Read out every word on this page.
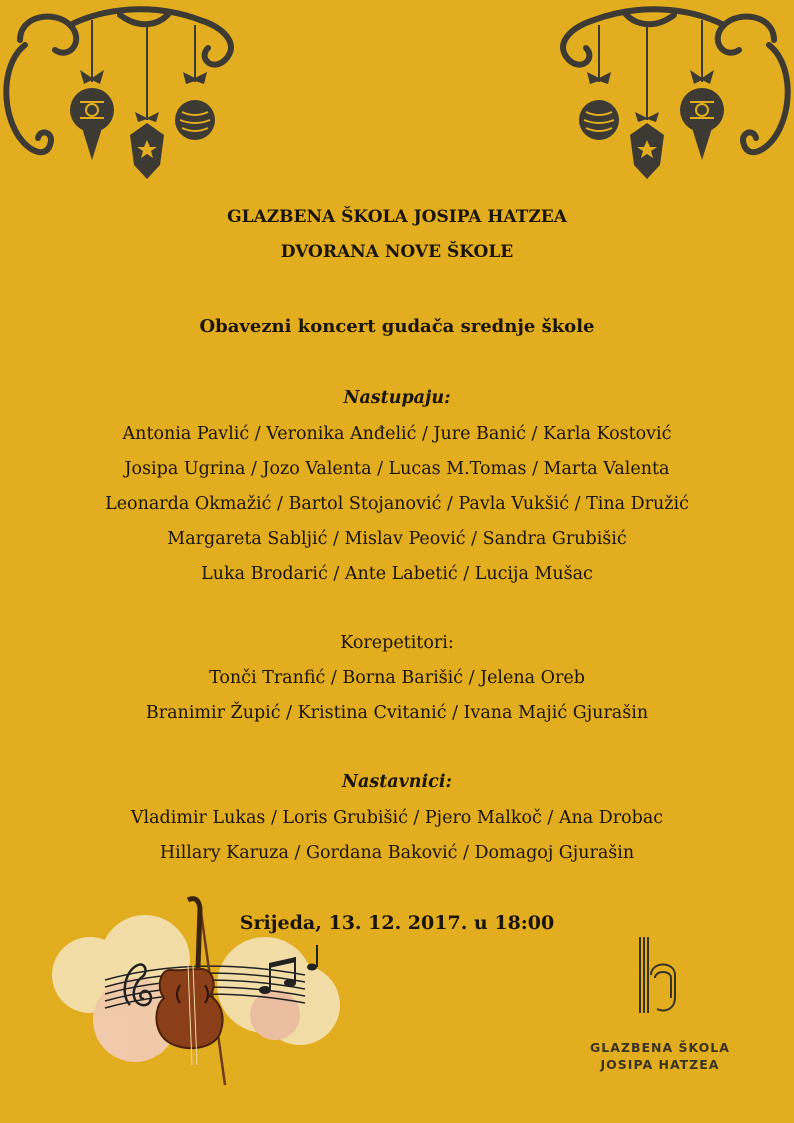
GLAZBENA ŠKOLA JOSIPA HATZEA
DVORANA NOVE ŠKOLE
Obavezni koncert gudača srednje škole
Nastupaju:
Antonia Pavlić / Veronika Anđelić / Jure Banić / Karla Kostović
Josipa Ugrina / Jozo Valenta / Lucas M.Tomas / Marta Valenta
Leonarda Okmažić / Bartol Stojanović / Pavla Vukšić / Tina Družić
Margareta Sabljić / Mislav Peović / Sandra Grubišić
Luka Brodarić / Ante Labetić / Lucija Mušac
Korepetitori:
Tonči Tranfić / Borna Barišić / Jelena Oreb
Branimir Župić / Kristina Cvitanić / Ivana Majić Gjurašin
Nastavnici:
Vladimir Lukas / Loris Grubišić / Pjero Malkoč / Ana Drobac
Hillary Karuza / Gordana Baković / Domagoj Gjurašin
Srijeda, 13. 12. 2017. u 18:00
GLAZBENA ŠKOLA
JOSIPA HATZEA
